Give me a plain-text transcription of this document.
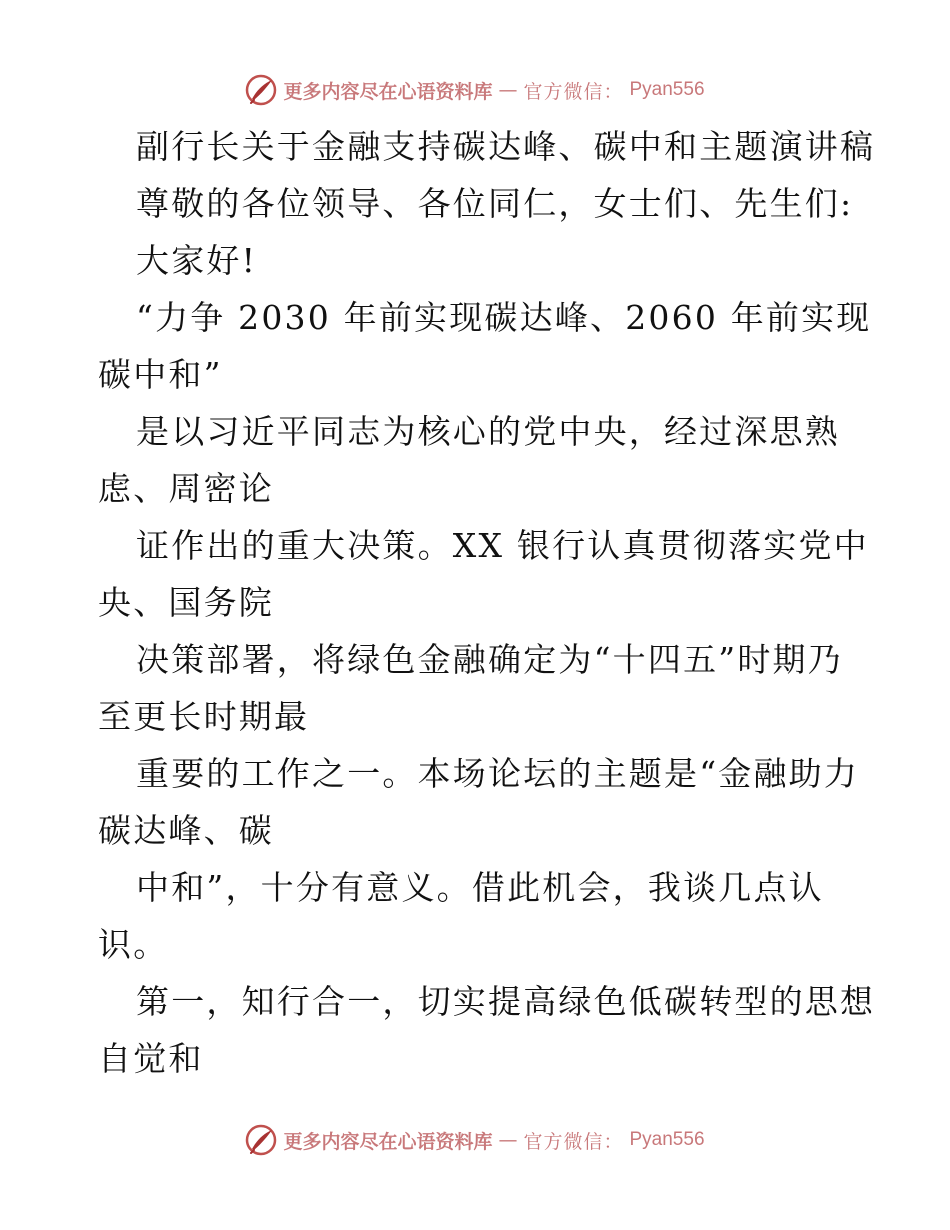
更多内容尽在心语资料库 — 官方微信： Pyan556
副行长关于金融支持碳达峰、碳中和主题演讲稿
尊敬的各位领导、各位同仁，女士们、先生们:
大家好!
“力争 2030 年前实现碳达峰、2060 年前实现
碳中和”
是以习近平同志为核心的党中央，经过深思熟
虑、周密论
证作出的重大决策。XX 银行认真贯彻落实党中
央、国务院
决策部署，将绿色金融确定为“十四五”时期乃
至更长时期最
重要的工作之一。本场论坛的主题是“金融助力
碳达峰、碳
中和”，十分有意义。借此机会，我谈几点认
识。
第一，知行合一，切实提高绿色低碳转型的思想
自觉和
更多内容尽在心语资料库 — 官方微信： Pyan556
